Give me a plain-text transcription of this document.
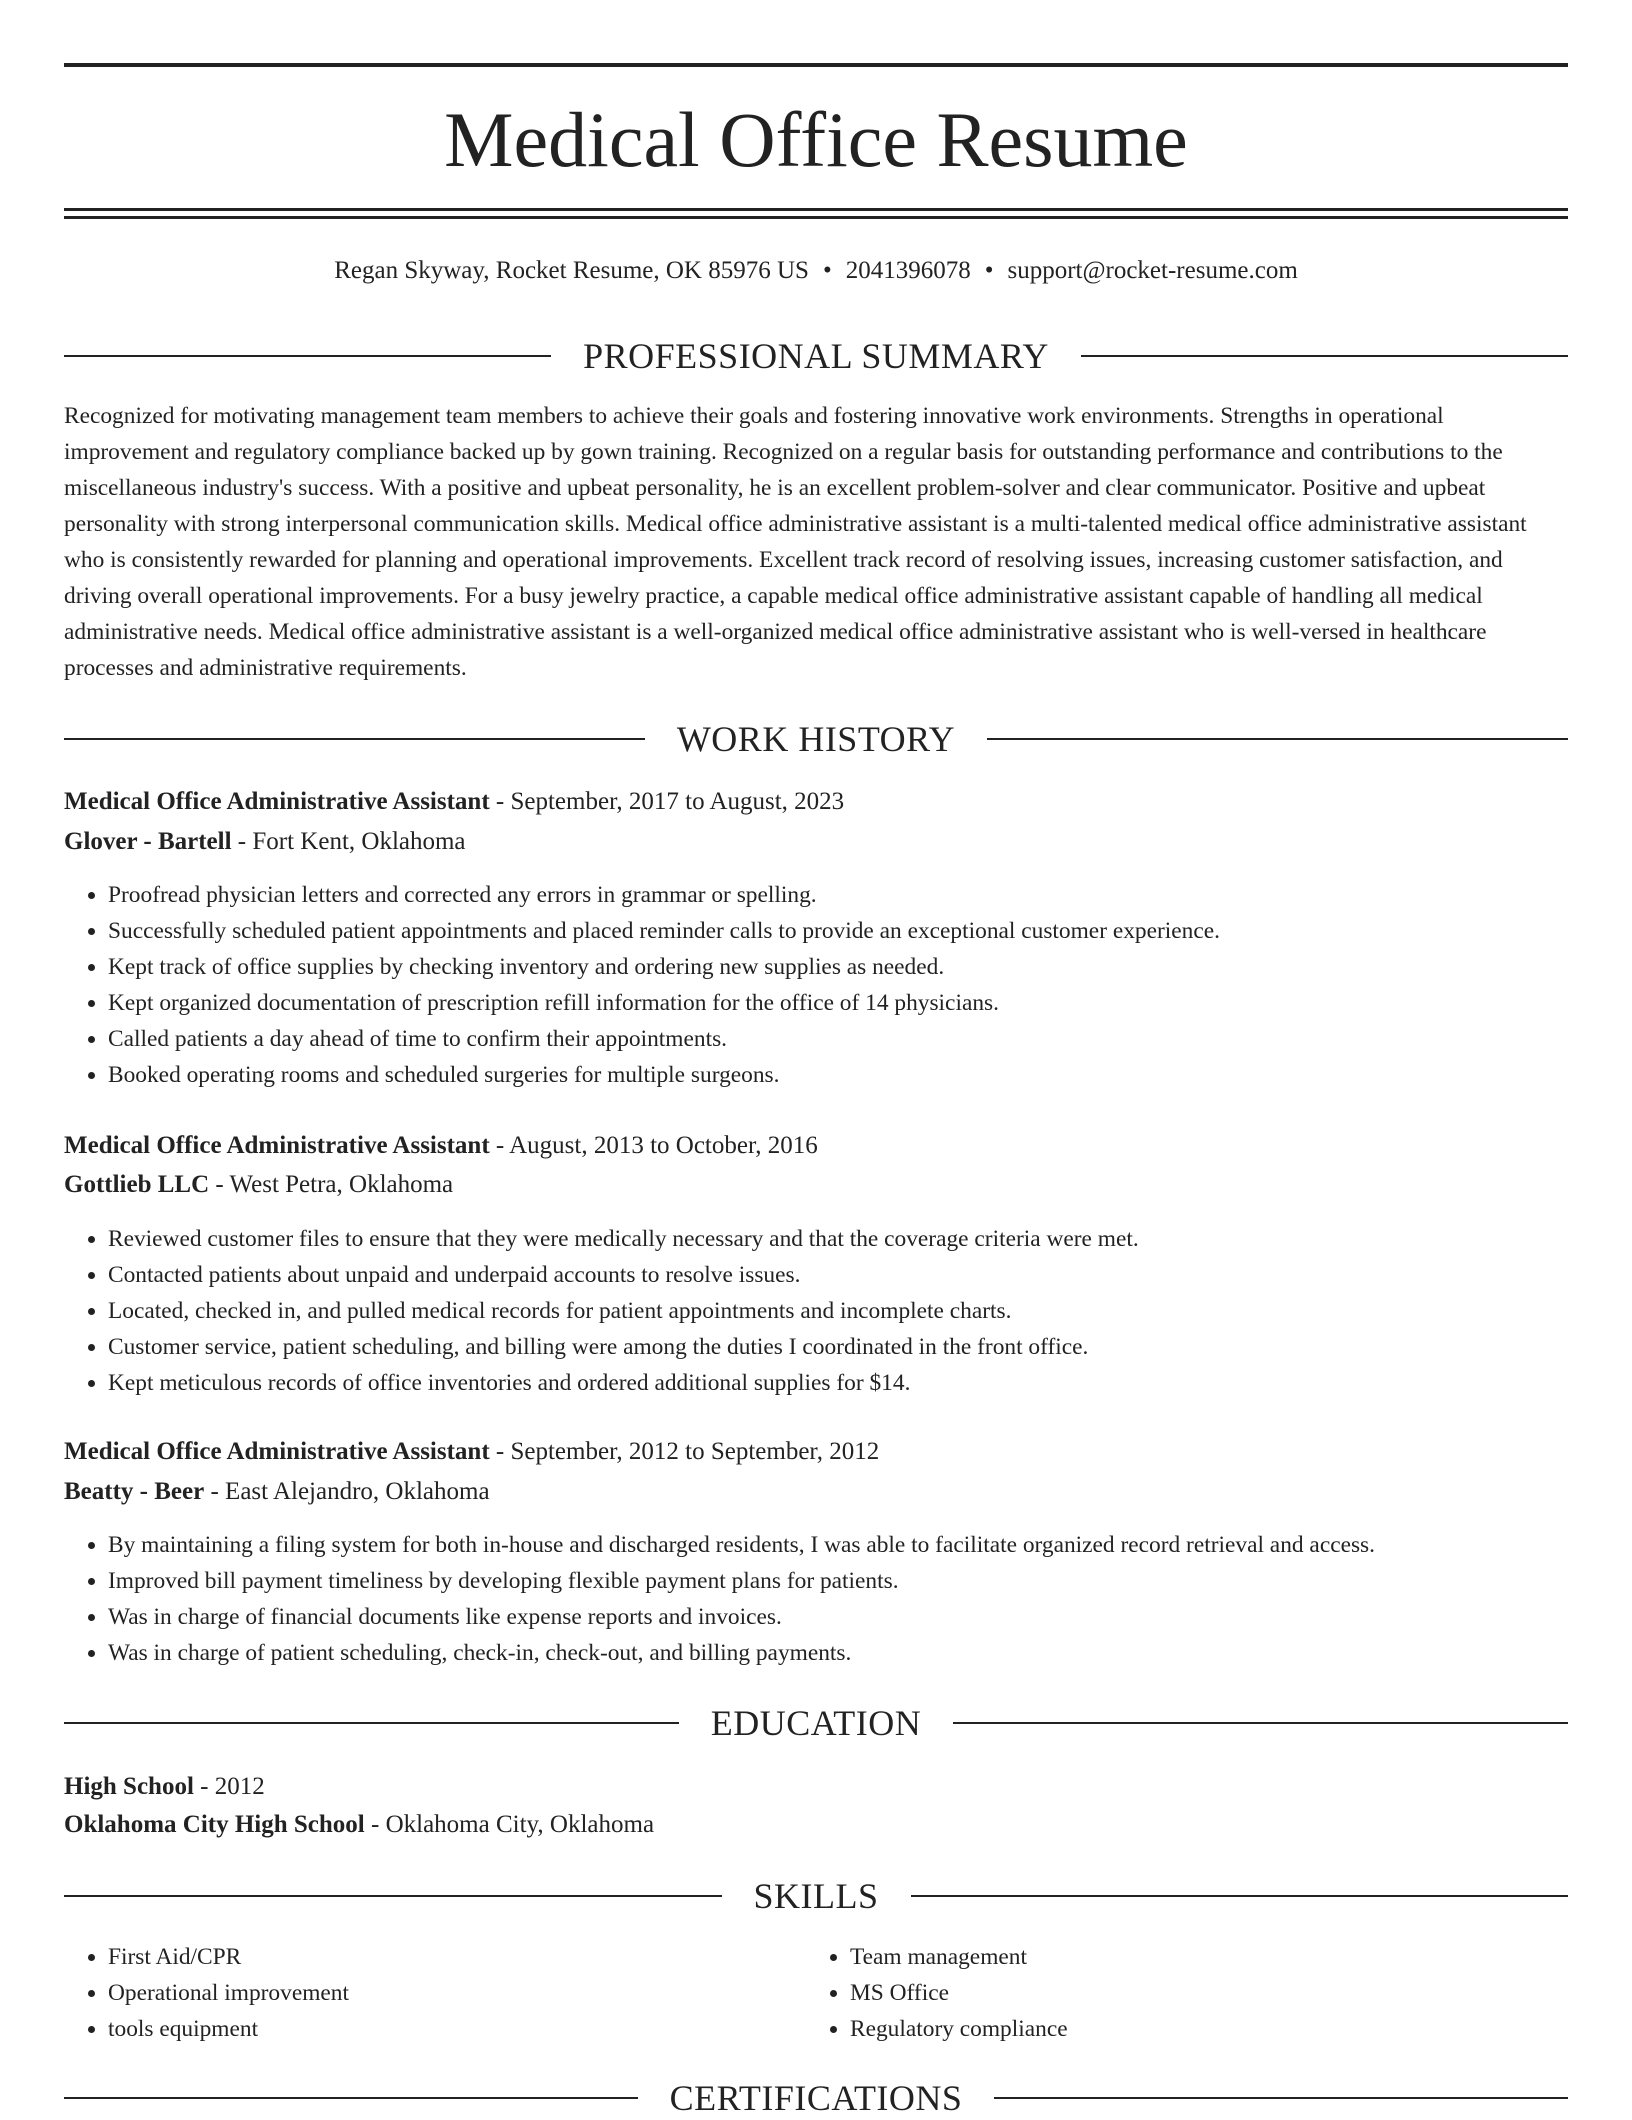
Medical Office Resume
Regan Skyway, Rocket Resume, OK 85976 US • 2041396078 • support@rocket-resume.com
PROFESSIONAL SUMMARY

Recognized for motivating management team members to achieve their goals and fostering innovative work environments. Strengths in operational improvement and regulatory compliance backed up by gown training. Recognized on a regular basis for outstanding performance and contributions to the miscellaneous industry's success. With a positive and upbeat personality, he is an excellent problem-solver and clear communicator. Positive and upbeat personality with strong interpersonal communication skills. Medical office administrative assistant is a multi-talented medical office administrative assistant who is consistently rewarded for planning and operational improvements. Excellent track record of resolving issues, increasing customer satisfaction, and driving overall operational improvements. For a busy jewelry practice, a capable medical office administrative assistant capable of handling all medical administrative needs. Medical office administrative assistant is a well-organized medical office administrative assistant who is well-versed in healthcare processes and administrative requirements.

WORK HISTORY

Medical Office Administrative Assistant - September, 2017 to August, 2023

Glover - Bartell - Fort Kent, Oklahoma

• Proofread physician letters and corrected any errors in grammar or spelling.
• Successfully scheduled patient appointments and placed reminder calls to provide an exceptional customer experience.
• Kept track of office supplies by checking inventory and ordering new supplies as needed.
• Kept organized documentation of prescription refill information for the office of 14 physicians.
• Called patients a day ahead of time to confirm their appointments.
• Booked operating rooms and scheduled surgeries for multiple surgeons.

Medical Office Administrative Assistant - August, 2013 to October, 2016

Gottlieb LLC - West Petra, Oklahoma

• Reviewed customer files to ensure that they were medically necessary and that the coverage criteria were met.
• Contacted patients about unpaid and underpaid accounts to resolve issues.
• Located, checked in, and pulled medical records for patient appointments and incomplete charts.
• Customer service, patient scheduling, and billing were among the duties I coordinated in the front office.
• Kept meticulous records of office inventories and ordered additional supplies for $14.

Medical Office Administrative Assistant - September, 2012 to September, 2012

Beatty - Beer - East Alejandro, Oklahoma

• By maintaining a filing system for both in-house and discharged residents, I was able to facilitate organized record retrieval and access.
• Improved bill payment timeliness by developing flexible payment plans for patients.
• Was in charge of financial documents like expense reports and invoices.
• Was in charge of patient scheduling, check-in, check-out, and billing payments.
EDUCATION

High School - 2012

Oklahoma City High School - Oklahoma City, Oklahoma

SKILLS
• First Aid/CPR
• Operational improvement
• tools equipment
• Team management
• MS Office
• Regulatory compliance
CERTIFICATIONS
